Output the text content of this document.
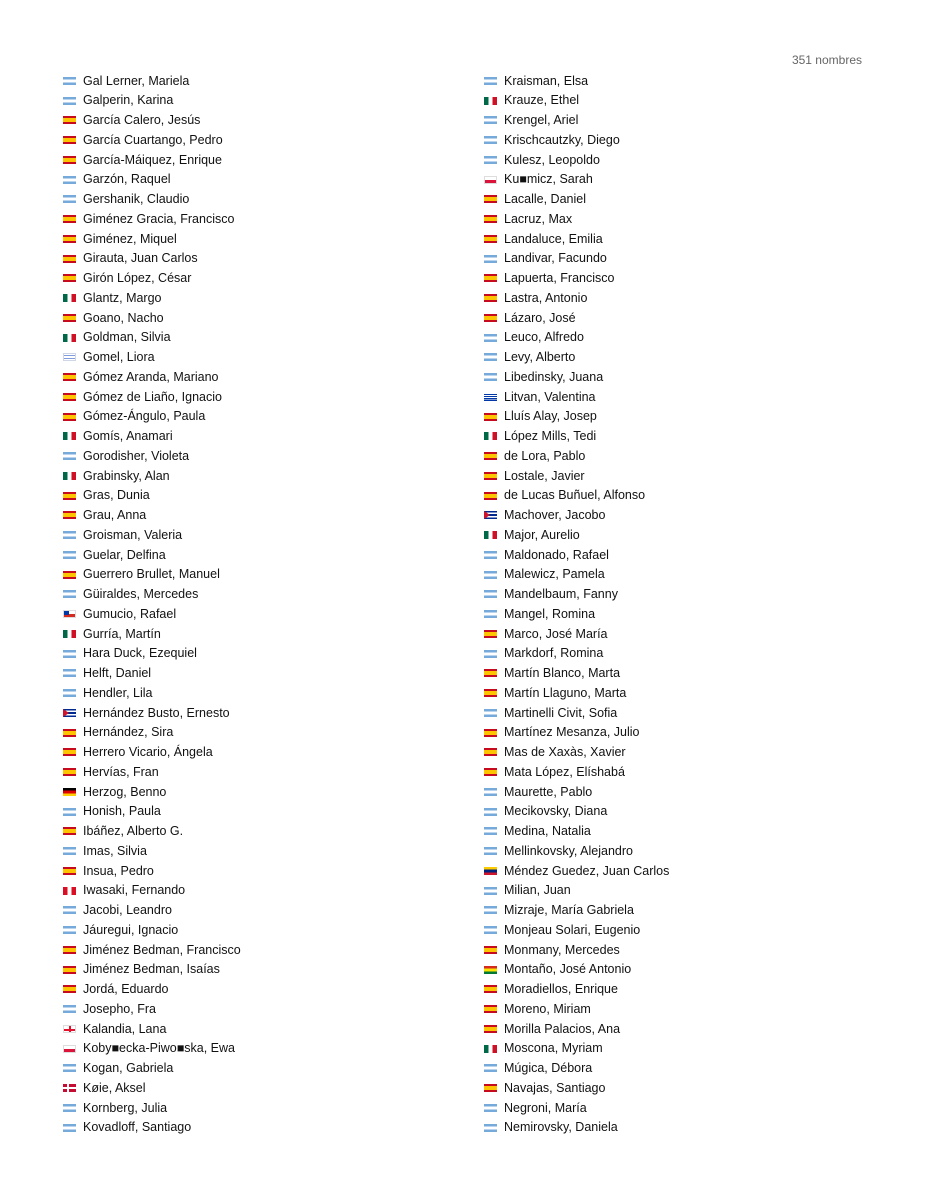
351 nombres
Gal Lerner, Mariela
Galperin, Karina
García Calero, Jesús
García Cuartango, Pedro
García-Máiquez, Enrique
Garzón, Raquel
Gershanik, Claudio
Giménez Gracia, Francisco
Giménez, Miquel
Girauta, Juan Carlos
Girón López, César
Glantz, Margo
Goano, Nacho
Goldman, Silvia
Gomel, Liora
Gómez Aranda, Mariano
Gómez de Liaño, Ignacio
Gómez-Ángulo, Paula
Gomís, Anamari
Gorodisher, Violeta
Grabinsky, Alan
Gras, Dunia
Grau, Anna
Groisman, Valeria
Guelar, Delfina
Guerrero Brullet, Manuel
Güiraldes, Mercedes
Gumucio, Rafael
Gurría, Martín
Hara Duck, Ezequiel
Helft, Daniel
Hendler, Lila
Hernández Busto, Ernesto
Hernández, Sira
Herrero Vicario, Ángela
Hervías, Fran
Herzog, Benno
Honish, Paula
Ibáñez, Alberto G.
Imas, Silvia
Insua, Pedro
Iwasaki, Fernando
Jacobi, Leandro
Jáuregui, Ignacio
Jiménez Bedman, Francisco
Jiménez Bedman, Isaías
Jordá, Eduardo
Josepho, Fra
Kalandia, Lana
Koby■ecka-Piwo■ska, Ewa
Kogan, Gabriela
Køie, Aksel
Kornberg, Julia
Kovadloff, Santiago
Kraisman, Elsa
Krauze, Ethel
Krengel, Ariel
Krischcautzky, Diego
Kulesz, Leopoldo
Ku■micz, Sarah
Lacalle, Daniel
Lacruz, Max
Landaluce, Emilia
Landivar, Facundo
Lapuerta, Francisco
Lastra, Antonio
Lázaro, José
Leuco, Alfredo
Levy, Alberto
Libedinsky, Juana
Litvan, Valentina
Lluís Alay, Josep
López Mills, Tedi
de Lora, Pablo
Lostale, Javier
de Lucas Buñuel, Alfonso
Machover, Jacobo
Major, Aurelio
Maldonado, Rafael
Malewicz, Pamela
Mandelbaum, Fanny
Mangel, Romina
Marco, José María
Markdorf, Romina
Martín Blanco, Marta
Martín Llaguno, Marta
Martinelli Civit, Sofia
Martínez Mesanza, Julio
Mas de Xaxàs, Xavier
Mata López, Elíshabá
Maurette, Pablo
Mecikovsky, Diana
Medina, Natalia
Mellinkovsky, Alejandro
Méndez Guedez, Juan Carlos
Milian, Juan
Mizraje, María Gabriela
Monjeau Solari, Eugenio
Monmany, Mercedes
Montaño, José Antonio
Moradiellos, Enrique
Moreno, Miriam
Morilla Palacios, Ana
Moscona, Myriam
Múgica, Débora
Navajas, Santiago
Negroni, María
Nemirovsky, Daniela
